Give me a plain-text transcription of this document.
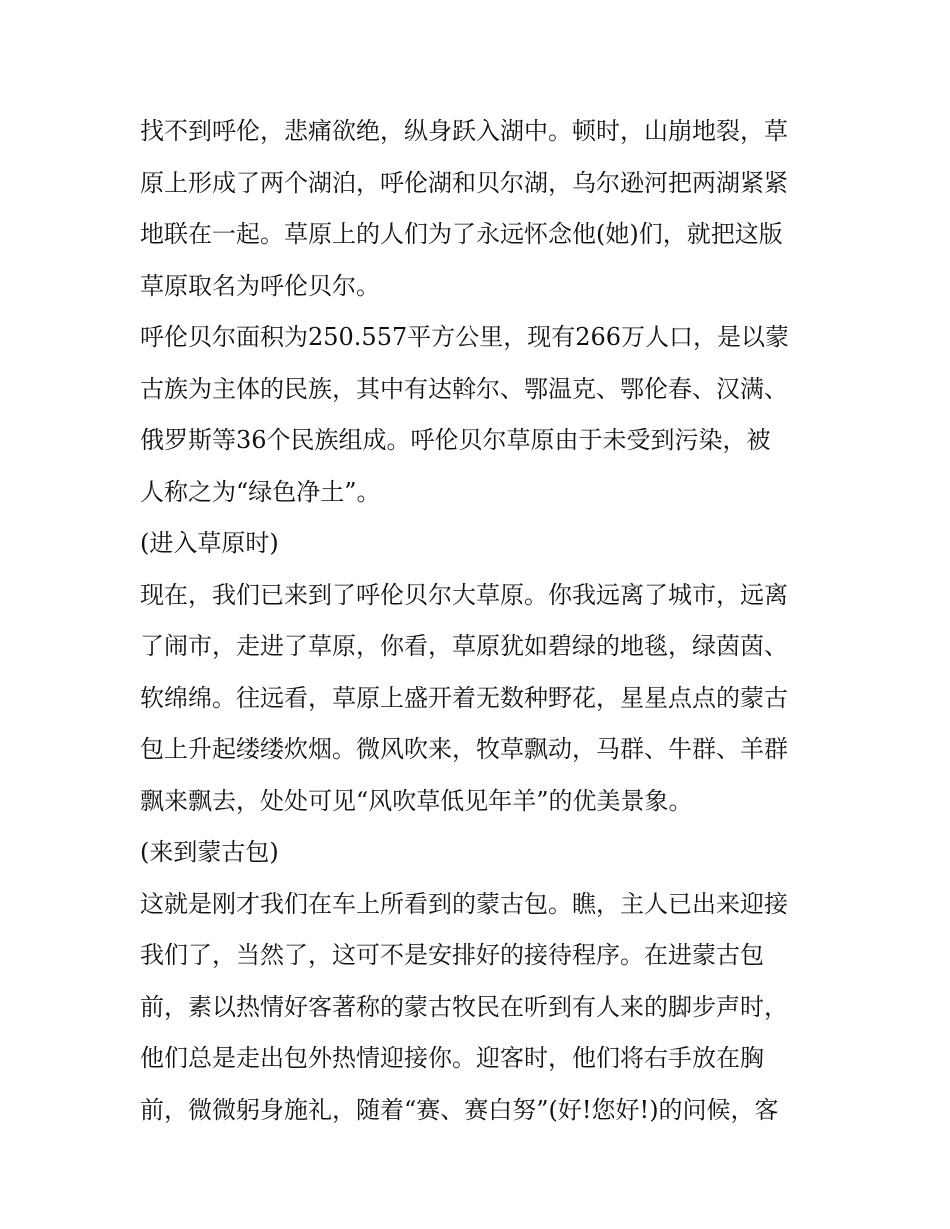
找不到呼伦，悲痛欲绝，纵身跃入湖中。顿时，山崩地裂，草
原上形成了两个湖泊，呼伦湖和贝尔湖，乌尔逊河把两湖紧紧
地联在一起。草原上的人们为了永远怀念他(她)们，就把这版
草原取名为呼伦贝尔。
呼伦贝尔面积为250.557平方公里，现有266万人口，是以蒙
古族为主体的民族，其中有达斡尔、鄂温克、鄂伦春、汉满、
俄罗斯等36个民族组成。呼伦贝尔草原由于未受到污染，被
人称之为“绿色净土”。
(进入草原时)
现在，我们已来到了呼伦贝尔大草原。你我远离了城市，远离
了闹市，走进了草原，你看，草原犹如碧绿的地毯，绿茵茵、
软绵绵。往远看，草原上盛开着无数种野花，星星点点的蒙古
包上升起缕缕炊烟。微风吹来，牧草飘动，马群、牛群、羊群
飘来飘去，处处可见“风吹草低见年羊”的优美景象。
(来到蒙古包)
这就是刚才我们在车上所看到的蒙古包。瞧，主人已出来迎接
我们了，当然了，这可不是安排好的接待程序。在进蒙古包
前，素以热情好客著称的蒙古牧民在听到有人来的脚步声时，
他们总是走出包外热情迎接你。迎客时，他们将右手放在胸
前，微微躬身施礼，随着“赛、赛白努”(好!您好!)的问候，客
